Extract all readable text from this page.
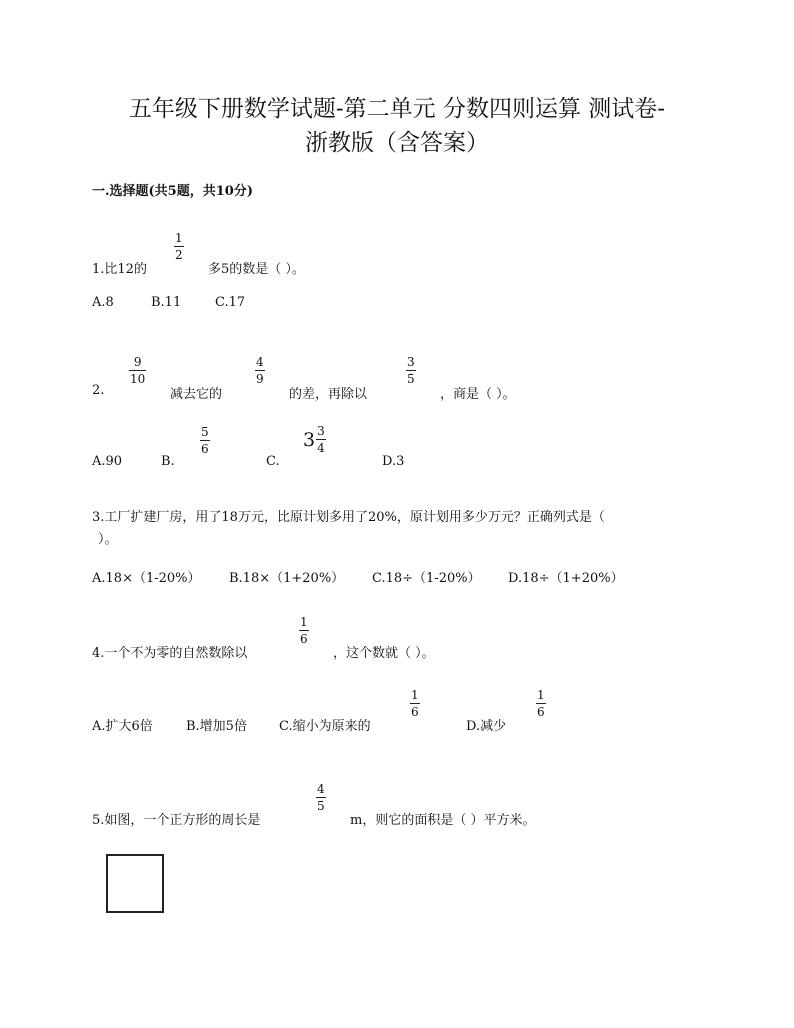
五年级下册数学试题-第二单元 分数四则运算 测试卷-
浙教版（含答案）
一.选择题(共5题，共10分)
1.比12的
1
2
多5的数是（ ）。
A.8	B.11	C.17
2.
9
10
减去它的
4
9
的差，再除以
3
5
，商是（ ）。
A.90	B.
5
6
C.
$3 \frac{3}{4}$
D.3
3.工厂扩建厂房，用了18万元，比原计划多用了20%，原计划用多少万元？正确列式是（
）。
A.18×（1-20%） B.18×（1+20%） C.18÷（1-20%） D.18÷（1+20%）
4.一个不为零的自然数除以
1
6
，这个数就（ ）。
A.扩大6倍	B.增加5倍 C.缩小为原来的
1
6
D.减少
1
6
5.如图，一个正方形的周长是
4
5
m，则它的面积是（ ）平方米。
